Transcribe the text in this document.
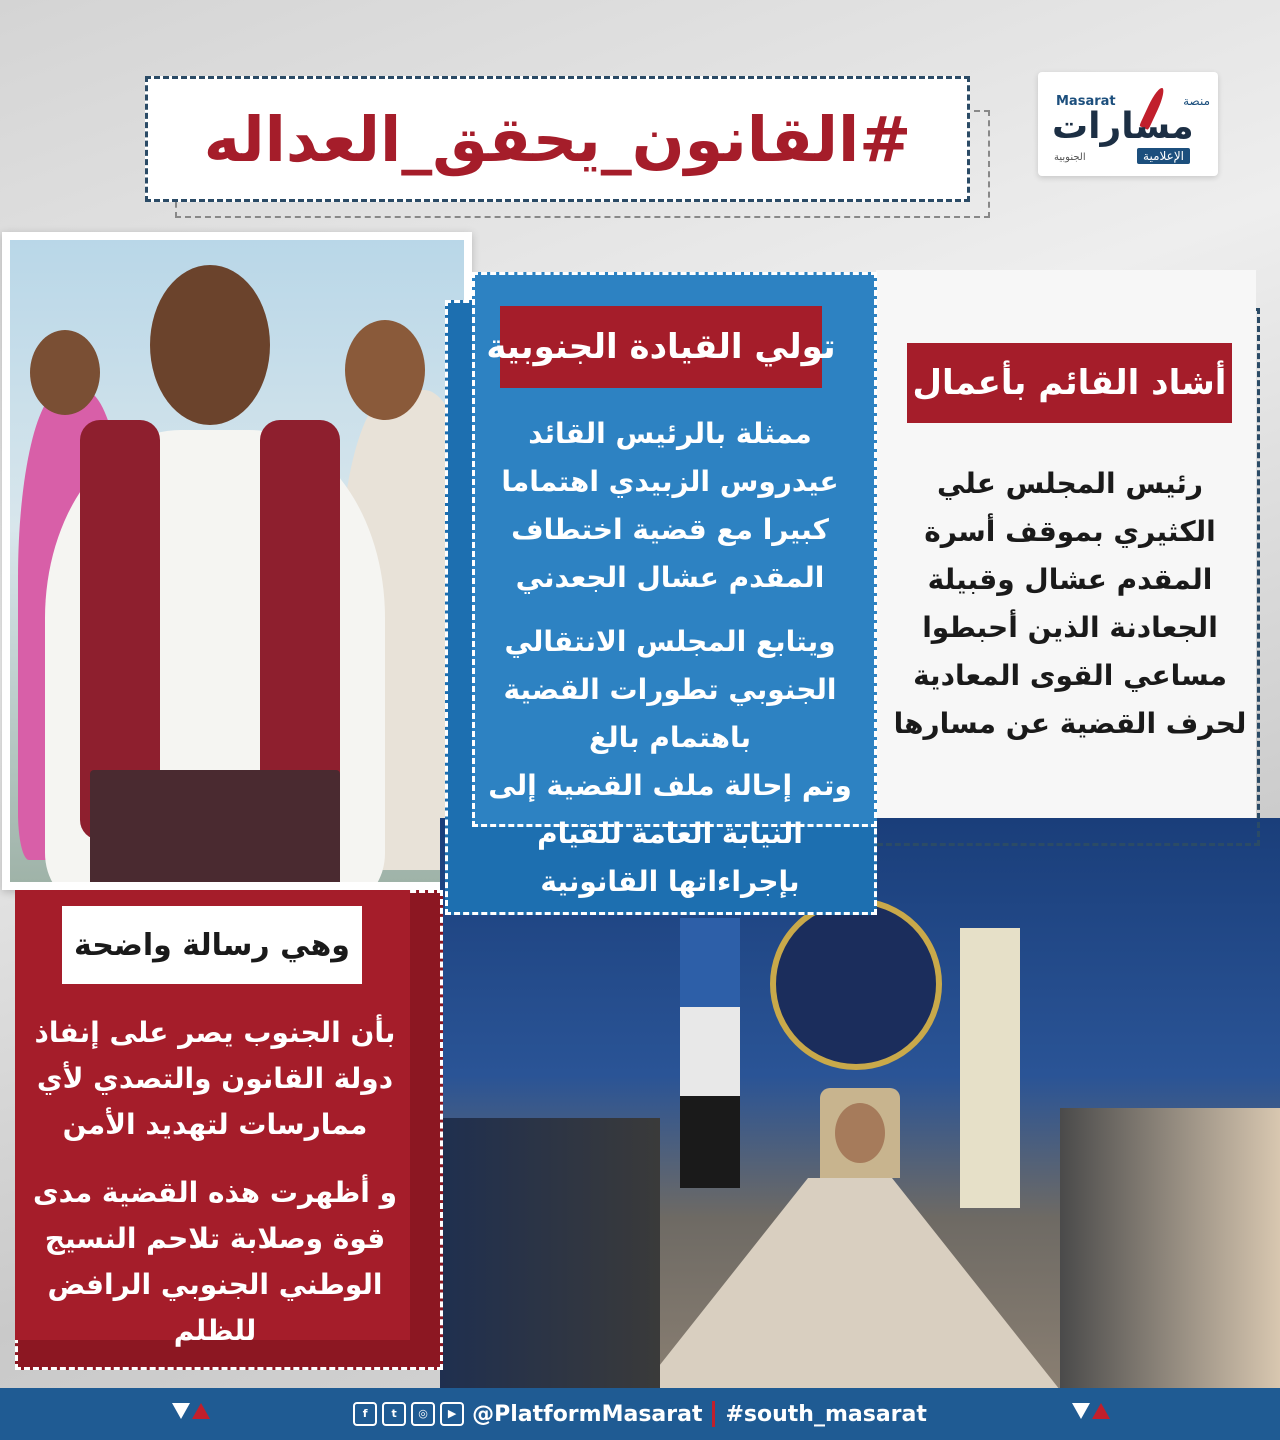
#القانون_يحقق_العداله
Masarat
مسارات
منصة
الإعلامية
الجنوبية
أشاد القائم بأعمال
رئيس المجلس علي
الكثيري بموقف أسرة
المقدم عشال وقبيلة
الجعادنة الذين أحبطوا
مساعي القوى المعادية
لحرف القضية عن مسارها
تولي القيادة الجنوبية
ممثلة بالرئيس القائد
عيدروس الزبيدي اهتماما
كبيرا مع قضية اختطاف
المقدم عشال الجعدني
ويتابع المجلس الانتقالي
الجنوبي تطورات القضية
باهتمام بالغ
وتم إحالة ملف القضية إلى
النيابة العامة للقيام
بإجراءاتها القانونية
وهي رسالة واضحة
بأن الجنوب يصر على إنفاذ
دولة القانون والتصدي لأي
ممارسات لتهديد الأمن
و أظهرت هذه القضية مدى
قوة وصلابة تلاحم النسيج
الوطني الجنوبي الرافض
للظلم
f	t	◎	▶ @PlatformMasarat #south_masarat
